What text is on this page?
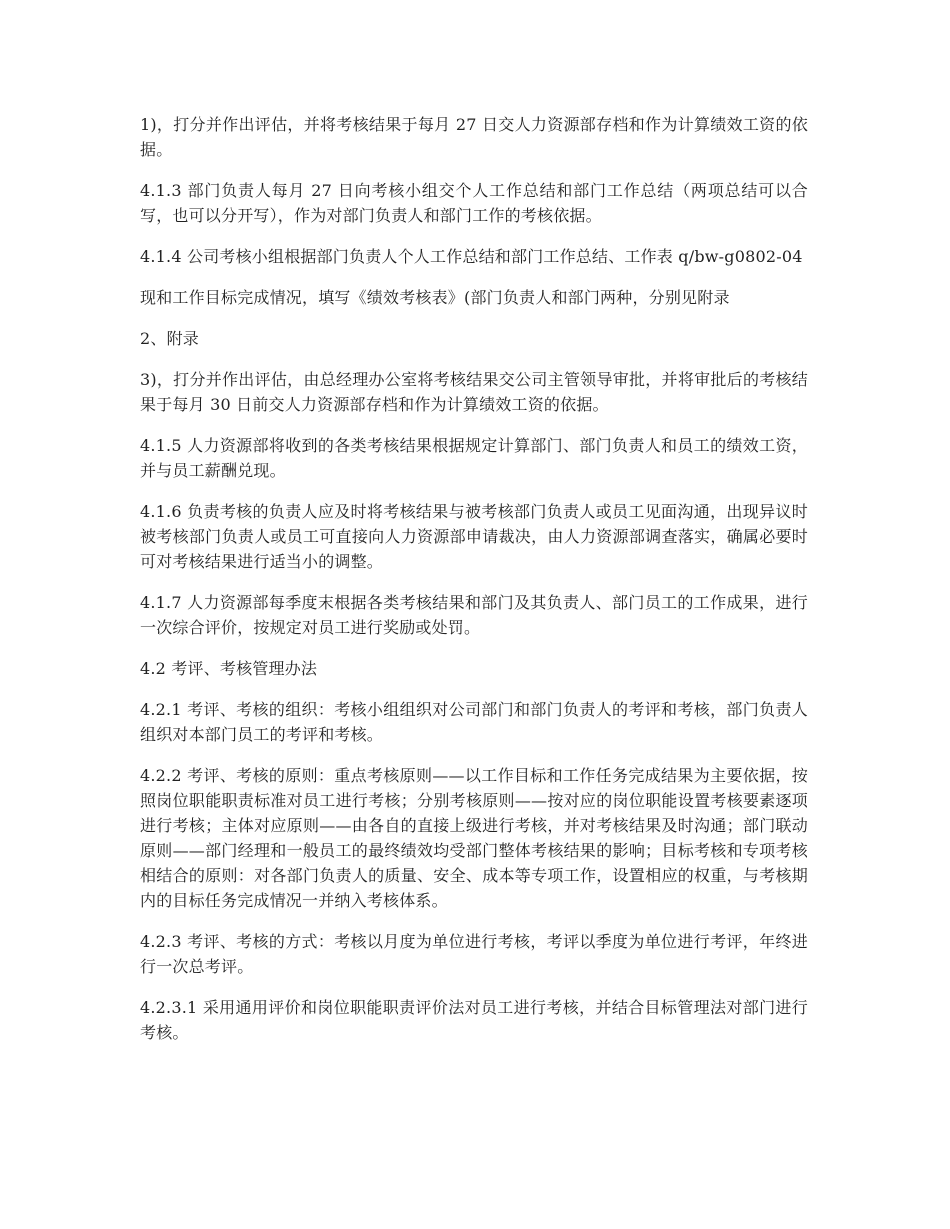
1)，打分并作出评估，并将考核结果于每月 27 日交人力资源部存档和作为计算绩效工资的依据。

4.1.3 部门负责人每月 27 日向考核小组交个人工作总结和部门工作总结（两项总结可以合写，也可以分开写），作为对部门负责人和部门工作的考核依据。

4.1.4 公司考核小组根据部门负责人个人工作总结和部门工作总结、工作表 q/bw-g0802-04

现和工作目标完成情况，填写《绩效考核表》(部门负责人和部门两种，分别见附录

2、附录

3)，打分并作出评估，由总经理办公室将考核结果交公司主管领导审批，并将审批后的考核结果于每月 30 日前交人力资源部存档和作为计算绩效工资的依据。

4.1.5 人力资源部将收到的各类考核结果根据规定计算部门、部门负责人和员工的绩效工资，并与员工薪酬兑现。

4.1.6 负责考核的负责人应及时将考核结果与被考核部门负责人或员工见面沟通，出现异议时被考核部门负责人或员工可直接向人力资源部申请裁决，由人力资源部调查落实，确属必要时可对考核结果进行适当小的调整。

4.1.7 人力资源部每季度末根据各类考核结果和部门及其负责人、部门员工的工作成果，进行一次综合评价，按规定对员工进行奖励或处罚。

4.2 考评、考核管理办法

4.2.1 考评、考核的组织：考核小组组织对公司部门和部门负责人的考评和考核，部门负责人组织对本部门员工的考评和考核。

4.2.2 考评、考核的原则：重点考核原则——以工作目标和工作任务完成结果为主要依据，按照岗位职能职责标准对员工进行考核；分别考核原则——按对应的岗位职能设置考核要素逐项进行考核；主体对应原则——由各自的直接上级进行考核，并对考核结果及时沟通；部门联动原则——部门经理和一般员工的最终绩效均受部门整体考核结果的影响；目标考核和专项考核相结合的原则：对各部门负责人的质量、安全、成本等专项工作，设置相应的权重，与考核期内的目标任务完成情况一并纳入考核体系。

4.2.3 考评、考核的方式：考核以月度为单位进行考核，考评以季度为单位进行考评，年终进行一次总考评。

4.2.3.1 采用通用评价和岗位职能职责评价法对员工进行考核，并结合目标管理法对部门进行考核。
